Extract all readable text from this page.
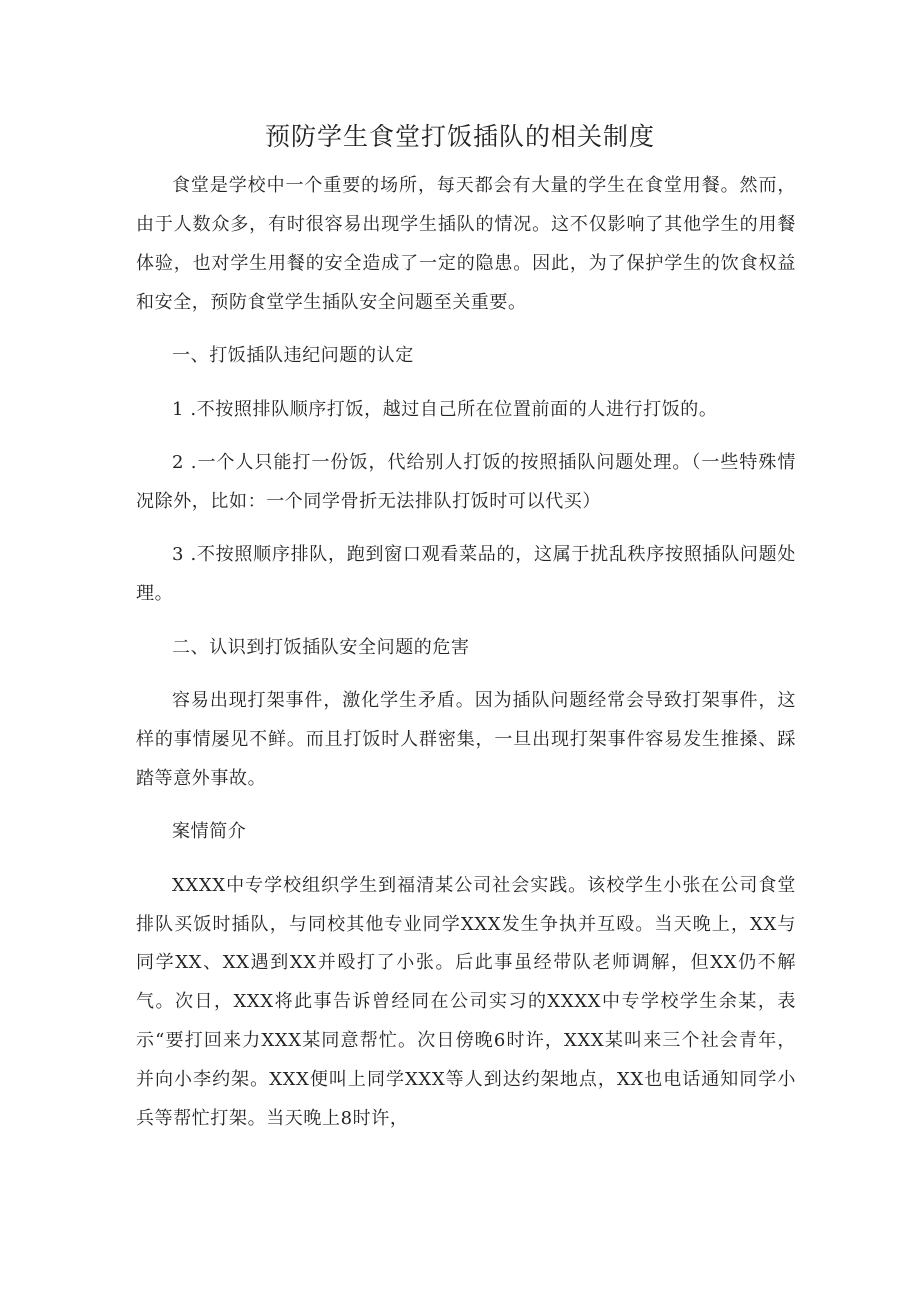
预防学生食堂打饭插队的相关制度

食堂是学校中一个重要的场所，每天都会有大量的学生在食堂用餐。然而，由于人数众多，有时很容易出现学生插队的情况。这不仅影响了其他学生的用餐体验，也对学生用餐的安全造成了一定的隐患。因此，为了保护学生的饮食权益和安全，预防食堂学生插队安全问题至关重要。

一、打饭插队违纪问题的认定

1 .不按照排队顺序打饭，越过自己所在位置前面的人进行打饭的。

2 .一个人只能打一份饭，代给别人打饭的按照插队问题处理。（一些特殊情况除外，比如：一个同学骨折无法排队打饭时可以代买）

3 .不按照顺序排队，跑到窗口观看菜品的，这属于扰乱秩序按照插队问题处理。

二、认识到打饭插队安全问题的危害

容易出现打架事件，激化学生矛盾。因为插队问题经常会导致打架事件，这样的事情屡见不鲜。而且打饭时人群密集，一旦出现打架事件容易发生推搡、踩踏等意外事故。

案情简介

XXXX中专学校组织学生到福清某公司社会实践。该校学生小张在公司食堂排队买饭时插队，与同校其他专业同学XXX发生争执并互殴。当天晚上，XX与同学XX、XX遇到XX并殴打了小张。后此事虽经带队老师调解，但XX仍不解气。次日，XXX将此事告诉曾经同在公司实习的XXXX中专学校学生余某，表示“要打回来力XXX某同意帮忙。次日傍晚6时许，XXX某叫来三个社会青年，并向小李约架。XXX便叫上同学XXX等人到达约架地点，XX也电话通知同学小兵等帮忙打架。当天晚上8时许，
